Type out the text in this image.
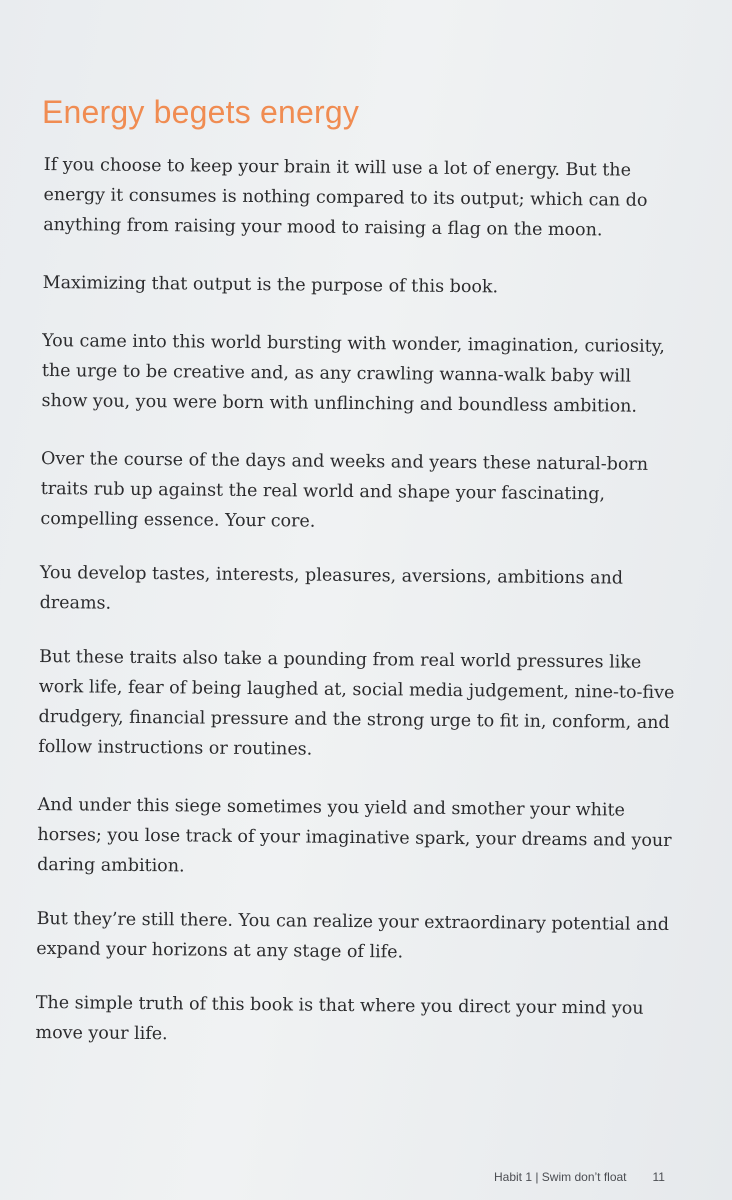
Energy begets energy

If you choose to keep your brain it will use a lot of energy. But the energy it consumes is nothing compared to its output; which can do anything from raising your mood to raising a flag on the moon.

Maximizing that output is the purpose of this book.

You came into this world bursting with wonder, imagination, curiosity, the urge to be creative and, as any crawling wanna-walk baby will show you, you were born with unflinching and boundless ambition.

Over the course of the days and weeks and years these natural-born traits rub up against the real world and shape your fascinating, compelling essence. Your core.

You develop tastes, interests, pleasures, aversions, ambitions and dreams.

But these traits also take a pounding from real world pressures like work life, fear of being laughed at, social media judgement, nine-to-five drudgery, financial pressure and the strong urge to fit in, conform, and follow instructions or routines.

And under this siege sometimes you yield and smother your white horses; you lose track of your imaginative spark, your dreams and your daring ambition.

But they’re still there. You can realize your extraordinary potential and expand your horizons at any stage of life.

The simple truth of this book is that where you direct your mind you move your life.

Habit 1 | Swim don’t float 11
